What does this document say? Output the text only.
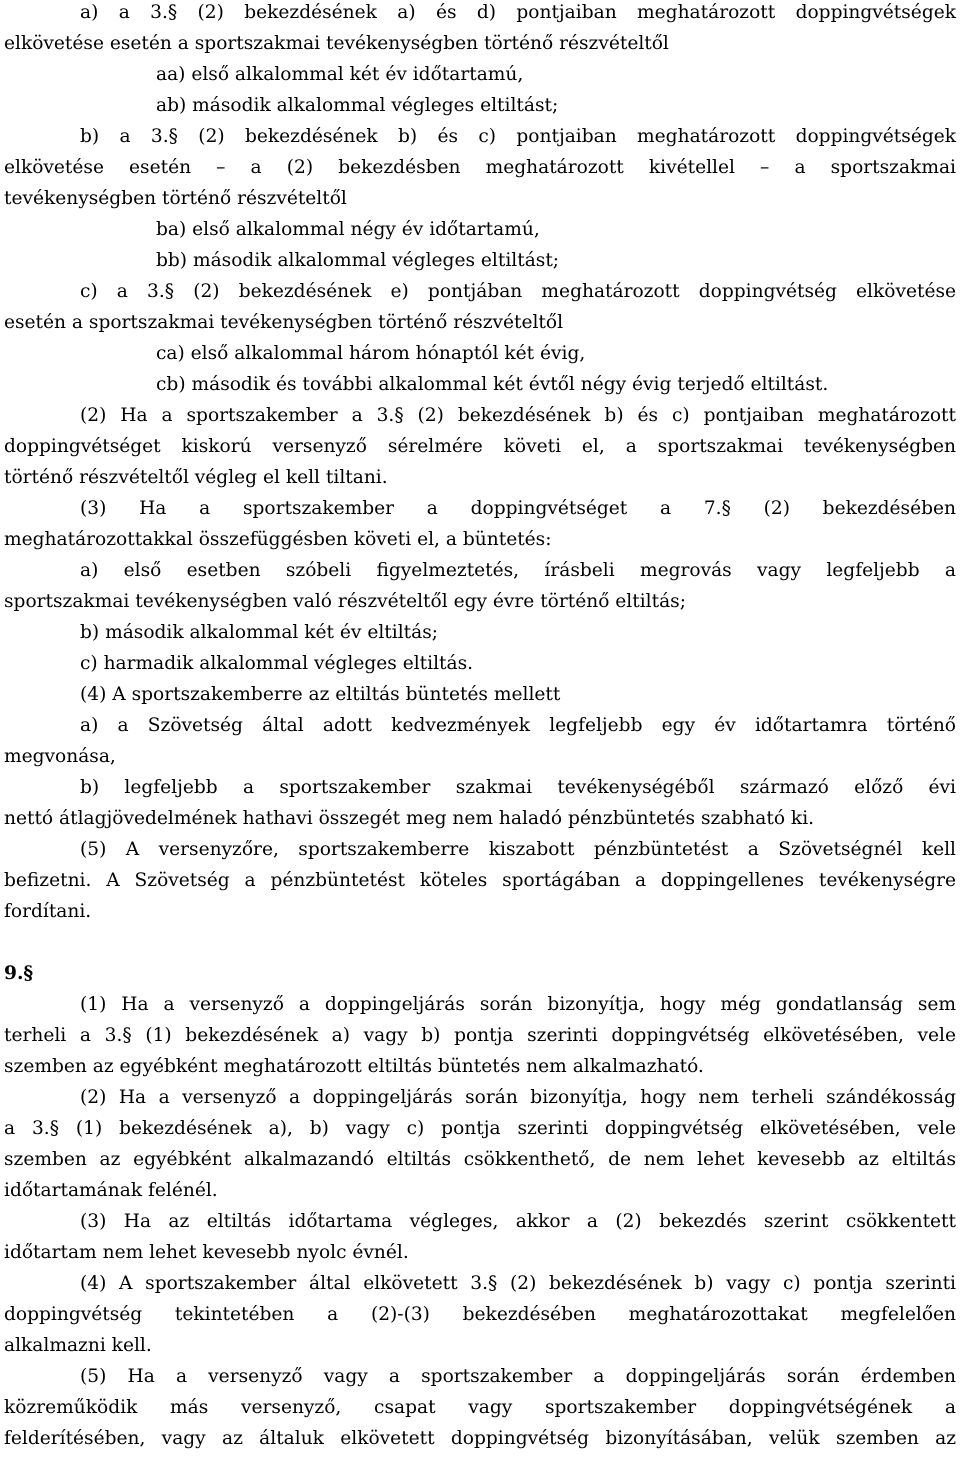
a) a 3.§ (2) bekezdésének a) és d) pontjaiban meghatározott doppingvétségek
elkövetése esetén a sportszakmai tevékenységben történő részvételtől
aa) első alkalommal két év időtartamú,
ab) második alkalommal végleges eltiltást;
b) a 3.§ (2) bekezdésének b) és c) pontjaiban meghatározott doppingvétségek
elkövetése esetén – a (2) bekezdésben meghatározott kivétellel – a sportszakmai
tevékenységben történő részvételtől
ba) első alkalommal négy év időtartamú,
bb) második alkalommal végleges eltiltást;
c) a 3.§ (2) bekezdésének e) pontjában meghatározott doppingvétség elkövetése
esetén a sportszakmai tevékenységben történő részvételtől
ca) első alkalommal három hónaptól két évig,
cb) második és további alkalommal két évtől négy évig terjedő eltiltást.
(2) Ha a sportszakember a 3.§ (2) bekezdésének b) és c) pontjaiban meghatározott
doppingvétséget kiskorú versenyző sérelmére követi el, a sportszakmai tevékenységben
történő részvételtől végleg el kell tiltani.
(3) Ha a sportszakember a doppingvétséget a 7.§ (2) bekezdésében
meghatározottakkal összefüggésben követi el, a büntetés:
a) első esetben szóbeli figyelmeztetés, írásbeli megrovás vagy legfeljebb a
sportszakmai tevékenységben való részvételtől egy évre történő eltiltás;
b) második alkalommal két év eltiltás;
c) harmadik alkalommal végleges eltiltás.
(4) A sportszakemberre az eltiltás büntetés mellett
a) a Szövetség által adott kedvezmények legfeljebb egy év időtartamra történő
megvonása,
b) legfeljebb a sportszakember szakmai tevékenységéből származó előző évi
nettó átlagjövedelmének hathavi összegét meg nem haladó pénzbüntetés szabható ki.
(5) A versenyzőre, sportszakemberre kiszabott pénzbüntetést a Szövetségnél kell
befizetni. A Szövetség a pénzbüntetést köteles sportágában a doppingellenes tevékenységre
fordítani.
9.§
(1) Ha a versenyző a doppingeljárás során bizonyítja, hogy még gondatlanság sem
terheli a 3.§ (1) bekezdésének a) vagy b) pontja szerinti doppingvétség elkövetésében, vele
szemben az egyébként meghatározott eltiltás büntetés nem alkalmazható.
(2) Ha a versenyző a doppingeljárás során bizonyítja, hogy nem terheli szándékosság
a 3.§ (1) bekezdésének a), b) vagy c) pontja szerinti doppingvétség elkövetésében, vele
szemben az egyébként alkalmazandó eltiltás csökkenthető, de nem lehet kevesebb az eltiltás
időtartamának felénél.
(3) Ha az eltiltás időtartama végleges, akkor a (2) bekezdés szerint csökkentett
időtartam nem lehet kevesebb nyolc évnél.
(4) A sportszakember által elkövetett 3.§ (2) bekezdésének b) vagy c) pontja szerinti
doppingvétség tekintetében a (2)-(3) bekezdésében meghatározottakat megfelelően
alkalmazni kell.
(5) Ha a versenyző vagy a sportszakember a doppingeljárás során érdemben
közreműködik más versenyző, csapat vagy sportszakember doppingvétségének a
felderítésében, vagy az általuk elkövetett doppingvétség bizonyításában, velük szemben az
